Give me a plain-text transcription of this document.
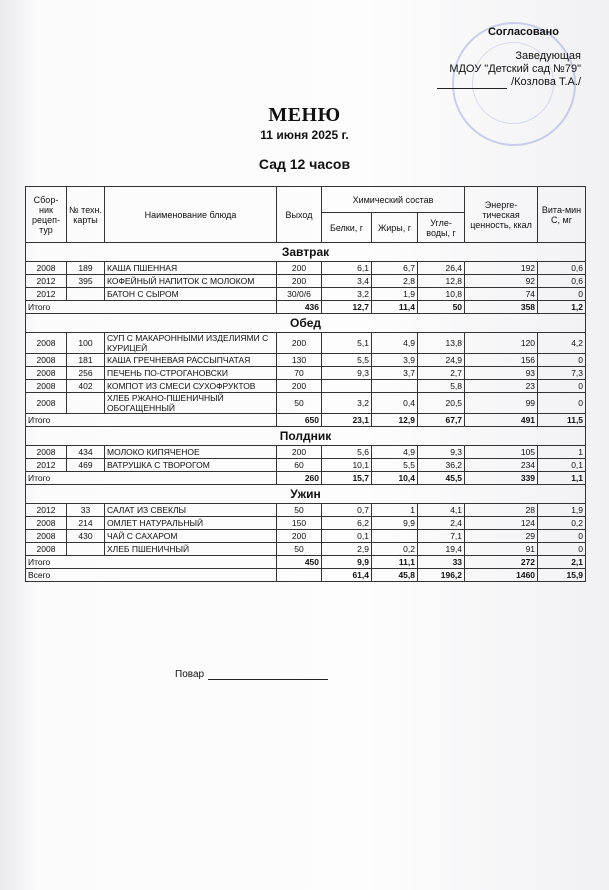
Согласовано
Заведующая
МДОУ "Детский сад №79"
/Козлова Т.А./
МЕНЮ
11 июня 2025 г.
Сад 12 часов
Сбор-ник рецеп-тур	№ техн. карты	Наименование блюда	Выход	Химический состав			Энерге-тическая ценность, ккал	Вита-мин С, мг
				Белки, г	Жиры, г	Угле-воды, г		
Завтрак								
2008	189	КАША ПШЕННАЯ	200	6,1	6,7	26,4	192	0,6
2012	395	КОФЕЙНЫЙ НАПИТОК С МОЛОКОМ	200	3,4	2,8	12,8	92	0,6
2012		БАТОН С СЫРОМ	30/0/6	3,2	1,9	10,8	74	0
Итого			436	12,7	11,4	50	358	1,2
Обед								
2008	100	СУП С МАКАРОННЫМИ ИЗДЕЛИЯМИ С КУРИЦЕЙ	200	5,1	4,9	13,8	120	4,2
2008	181	КАША ГРЕЧНЕВАЯ РАССЫПЧАТАЯ	130	5,5	3,9	24,9	156	0
2008	256	ПЕЧЕНЬ ПО-СТРОГАНОВСКИ	70	9,3	3,7	2,7	93	7,3
2008	402	КОМПОТ ИЗ СМЕСИ СУХОФРУКТОВ	200			5,8	23	0
2008		ХЛЕБ РЖАНО-ПШЕНИЧНЫЙ ОБОГАЩЕННЫЙ	50	3,2	0,4	20,5	99	0
Итого			650	23,1	12,9	67,7	491	11,5
Полдник								
2008	434	МОЛОКО КИПЯЧЕНОЕ	200	5,6	4,9	9,3	105	1
2012	469	ВАТРУШКА С ТВОРОГОМ	60	10,1	5,5	36,2	234	0,1
Итого			260	15,7	10,4	45,5	339	1,1
Ужин								
2012	33	САЛАТ ИЗ СВЕКЛЫ	50	0,7	1	4,1	28	1,9
2008	214	ОМЛЕТ НАТУРАЛЬНЫЙ	150	6,2	9,9	2,4	124	0,2
2008	430	ЧАЙ С САХАРОМ	200	0,1		7,1	29	0
2008		ХЛЕБ ПШЕНИЧНЫЙ	50	2,9	0,2	19,4	91	0
Итого			450	9,9	11,1	33	272	2,1
Всего				61,4	45,8	196,2	1460	15,9
Повар
